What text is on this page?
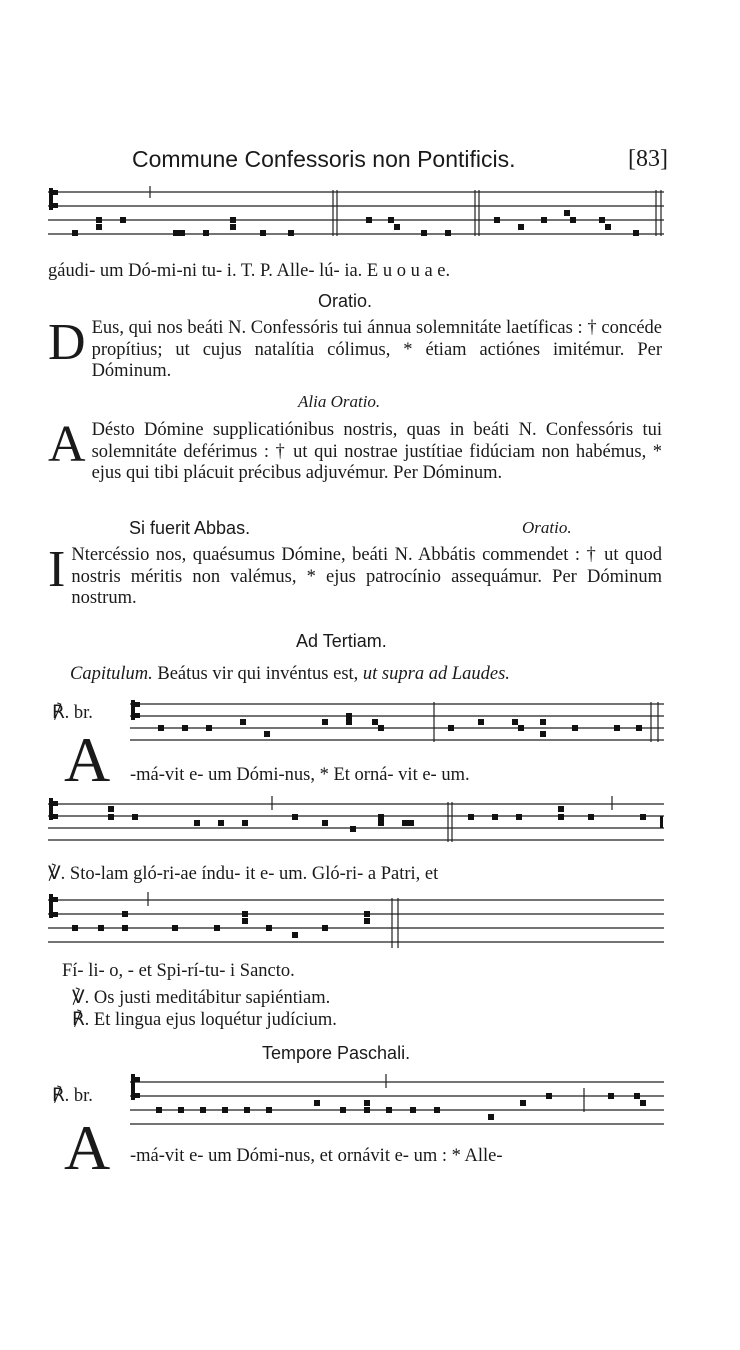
Commune Confessoris non Pontificis.	[83]
gáudi- um Dó-mi-ni tu- i. T. P. Alle- lú- ia. E u o u a e.
Oratio.
D Eus, qui nos beáti N. Confessóris tui ánnua solemnitáte laetíficas : † concéde propítius; ut cujus natalítia cólimus, * étiam actiónes imitémur. Per Dóminum.
Alia Oratio.
A Désto Dómine supplicatiónibus nostris, quas in beáti N. Confessóris tui solemnitáte deférimus : † ut qui nostrae justítiae fidúciam non habémus, * ejus qui tibi plácuit précibus adjuvémur. Per Dóminum.
Si fuerit Abbas.	Oratio.
I Ntercéssio nos, quaésumus Dómine, beáti N. Abbátis commendet : † ut quod nostris méritis non valémus, * ejus patrocínio assequámur. Per Dóminum nostrum.
Ad Tertiam.
Capitulum. Beátus vir qui invéntus est, ut supra ad Laudes.
℟. br.
A -má-vit e- um Dómi-nus, * Et orná- vit e- um.
℣. Sto-lam gló-ri-ae índu- it e- um. Gló-ri- a Patri, et
Fí- li- o, - et Spi-rí-tu- i Sancto.
℣. Os justi meditábitur sapiéntiam.
℟. Et lingua ejus loquétur judícium.
Tempore Paschali.
℟. br.
A -má-vit e- um Dómi-nus, et ornávit e- um : * Alle-
